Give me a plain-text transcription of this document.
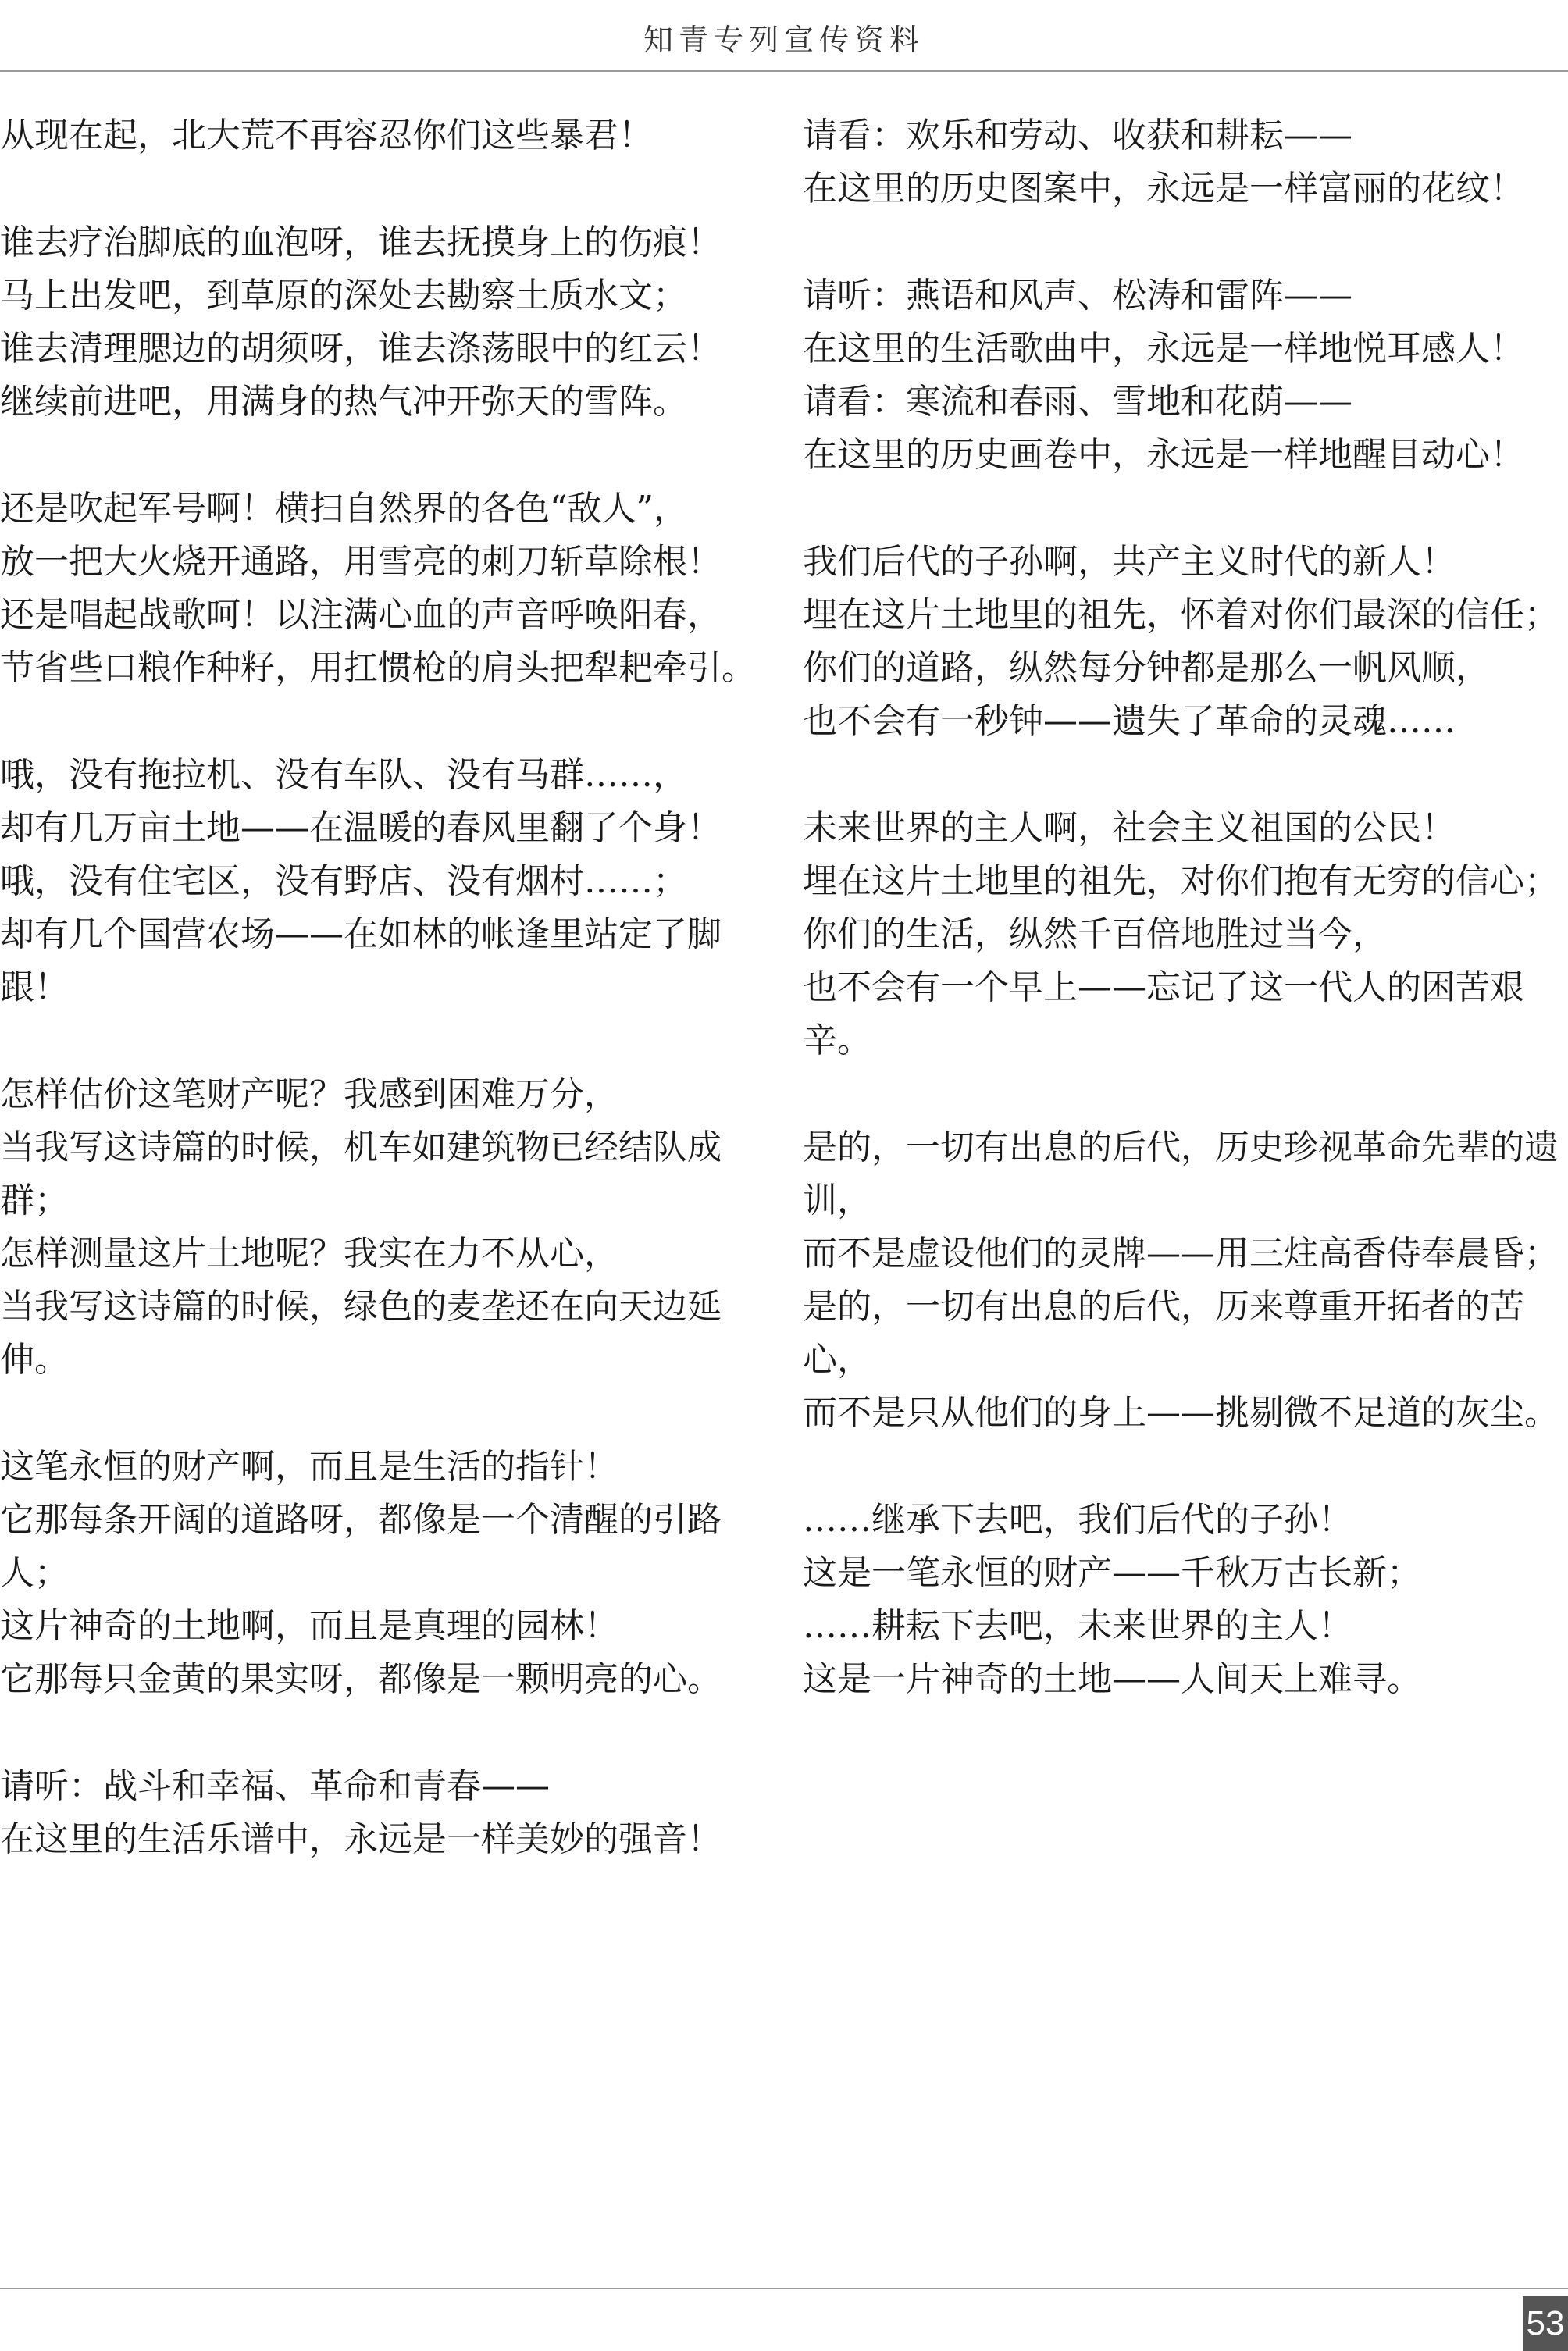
知青专列宣传资料
从现在起，北大荒不再容忍你们这些暴君！
谁去疗治脚底的血泡呀，谁去抚摸身上的伤痕！
马上出发吧，到草原的深处去勘察土质水文；
谁去清理腮边的胡须呀，谁去涤荡眼中的红云！
继续前进吧，用满身的热气冲开弥天的雪阵。
还是吹起军号啊！横扫自然界的各色“敌人”，
放一把大火烧开通路，用雪亮的刺刀斩草除根！
还是唱起战歌呵！以注满心血的声音呼唤阳春，
节省些口粮作种籽，用扛惯枪的肩头把犁耙牵引。
哦，没有拖拉机、没有车队、没有马群……，
却有几万亩土地——在温暖的春风里翻了个身！
哦，没有住宅区，没有野店、没有烟村……；
却有几个国营农场——在如林的帐逢里站定了脚跟！
怎样估价这笔财产呢？我感到困难万分，
当我写这诗篇的时候，机车如建筑物已经结队成群；
怎样测量这片土地呢？我实在力不从心，
当我写这诗篇的时候，绿色的麦垄还在向天边延伸。
这笔永恒的财产啊，而且是生活的指针！
它那每条开阔的道路呀，都像是一个清醒的引路人；
这片神奇的土地啊，而且是真理的园林！
它那每只金黄的果实呀，都像是一颗明亮的心。
请听：战斗和幸福、革命和青春——
在这里的生活乐谱中，永远是一样美妙的强音！
请看：欢乐和劳动、收获和耕耘——
在这里的历史图案中，永远是一样富丽的花纹！
请听：燕语和风声、松涛和雷阵——
在这里的生活歌曲中，永远是一样地悦耳感人！
请看：寒流和春雨、雪地和花荫——
在这里的历史画卷中，永远是一样地醒目动心！
我们后代的子孙啊，共产主义时代的新人！
埋在这片土地里的祖先，怀着对你们最深的信任；
你们的道路，纵然每分钟都是那么一帆风顺，
也不会有一秒钟——遗失了革命的灵魂……
未来世界的主人啊，社会主义祖国的公民！
埋在这片土地里的祖先，对你们抱有无穷的信心；
你们的生活，纵然千百倍地胜过当今，
也不会有一个早上——忘记了这一代人的困苦艰辛。
是的，一切有出息的后代，历史珍视革命先辈的遗训，
而不是虚设他们的灵牌——用三炷高香侍奉晨昏；
是的，一切有出息的后代，历来尊重开拓者的苦心，
而不是只从他们的身上——挑剔微不足道的灰尘。
……继承下去吧，我们后代的子孙！
这是一笔永恒的财产——千秋万古长新；
……耕耘下去吧，未来世界的主人！
这是一片神奇的土地——人间天上难寻。
53
